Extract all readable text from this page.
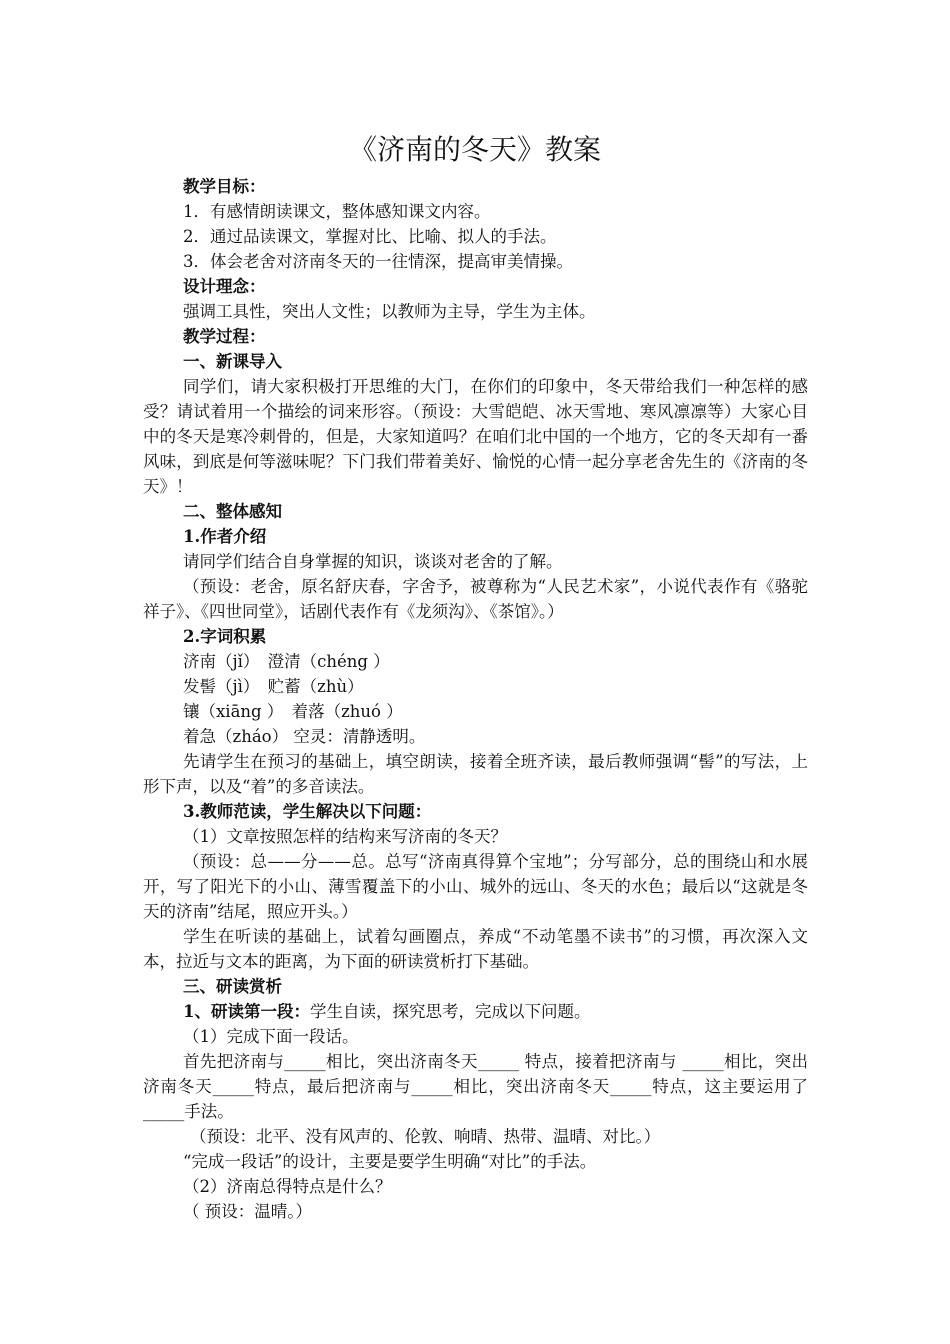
《济南的冬天》教案

教学目标：

1．有感情朗读课文，整体感知课文内容。

2．通过品读课文，掌握对比、比喻、拟人的手法。

3．体会老舍对济南冬天的一往情深，提高审美情操。

设计理念：

强调工具性，突出人文性；以教师为主导，学生为主体。

教学过程：

一、新课导入

同学们，请大家积极打开思维的大门，在你们的印象中，冬天带给我们一种怎样的感受？请试着用一个描绘的词来形容。（预设：大雪皑皑、冰天雪地、寒风凛凛等）大家心目中的冬天是寒冷刺骨的，但是，大家知道吗？在咱们北中国的一个地方，它的冬天却有一番风味，到底是何等滋味呢？下门我们带着美好、愉悦的心情一起分享老舍先生的《济南的冬天》！

二、整体感知

1.作者介绍

请同学们结合自身掌握的知识，谈谈对老舍的了解。

（预设：老舍，原名舒庆春，字舍予，被尊称为“人民艺术家”，小说代表作有《骆驼祥子》、《四世同堂》，话剧代表作有《龙须沟》、《茶馆》。）

2.字词积累

济南（jǐ）　澄清（chéng ）

发髻（jì）　贮蓄（zhù）

镶（xiāng ）　着落（zhuó ）

着急（zháo） 空灵：清静透明。

先请学生在预习的基础上，填空朗读，接着全班齐读，最后教师强调“髻”的写法，上形下声，以及“着”的多音读法。

3.教师范读，学生解决以下问题：

（1）文章按照怎样的结构来写济南的冬天？

（预设：总——分——总。总写“济南真得算个宝地”；分写部分，总的围绕山和水展开，写了阳光下的小山、薄雪覆盖下的小山、城外的远山、冬天的水色；最后以“这就是冬天的济南”结尾，照应开头。）

学生在听读的基础上，试着勾画圈点，养成“不动笔墨不读书”的习惯，再次深入文本，拉近与文本的距离，为下面的研读赏析打下基础。

三、研读赏析

1、研读第一段：学生自读，探究思考，完成以下问题。

（1）完成下面一段话。

首先把济南与_____相比，突出济南冬天_____ 特点，接着把济南与 _____相比，突出济南冬天_____特点，最后把济南与_____相比，突出济南冬天_____特点，这主要运用了_____手法。

（预设：北平、没有风声的、伦敦、响晴、热带、温晴、对比。）

“完成一段话”的设计，主要是要学生明确“对比”的手法。

（2）济南总得特点是什么？

（ 预设：温晴。）
